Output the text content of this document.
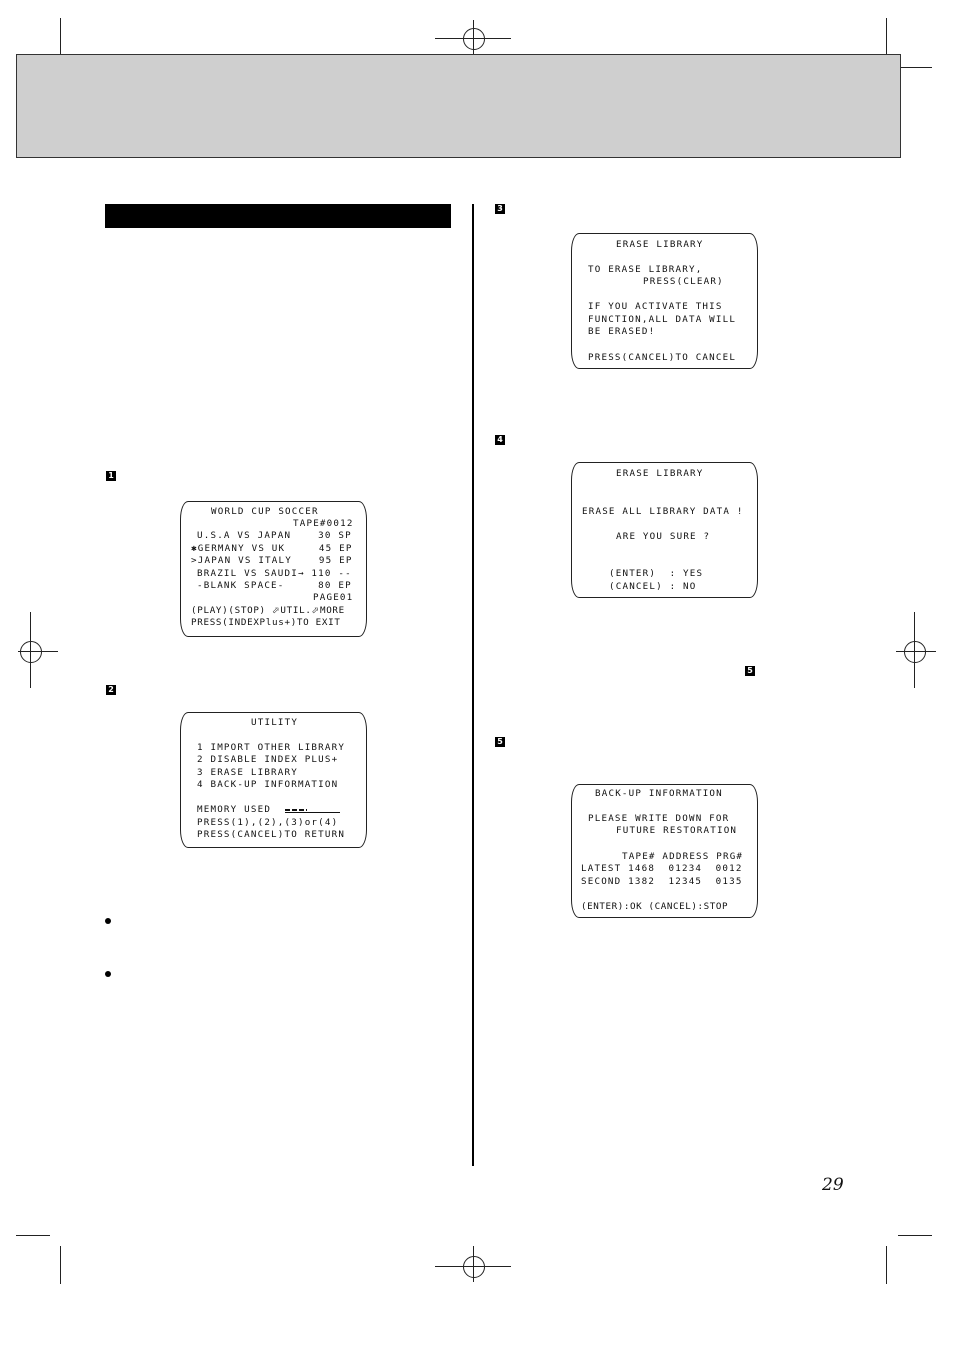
1
2
3
4
5
5
WORLD CUP SOCCER
TAPE#0012
U.S.A VS JAPAN    30 SP
✱GERMANY VS UK     45 EP
>JAPAN VS ITALY    95 EP
BRAZIL VS SAUDI→ 110 --
-BLANK SPACE-     80 EP
PAGE01
(PLAY)(STOP) ⬀UTIL.⬀MORE
PRESS(INDEXPlus+)TO EXIT
UTILITY
1 IMPORT OTHER LIBRARY
2 DISABLE INDEX PLUS+
3 ERASE LIBRARY
4 BACK-UP INFORMATION
MEMORY USED
PRESS(1),(2),(3)or(4)
PRESS(CANCEL)TO RETURN
ERASE LIBRARY
TO ERASE LIBRARY,
PRESS(CLEAR)
IF YOU ACTIVATE THIS
FUNCTION,ALL DATA WILL
BE ERASED!
PRESS(CANCEL)TO CANCEL
ERASE LIBRARY
ERASE ALL LIBRARY DATA !
ARE YOU SURE ?
(ENTER)  : YES
(CANCEL) : NO
BACK-UP INFORMATION
PLEASE WRITE DOWN FOR
FUTURE RESTORATION
TAPE# ADDRESS PRG#
LATEST 1468  01234  0012
SECOND 1382  12345  0135
(ENTER):OK (CANCEL):STOP
29
